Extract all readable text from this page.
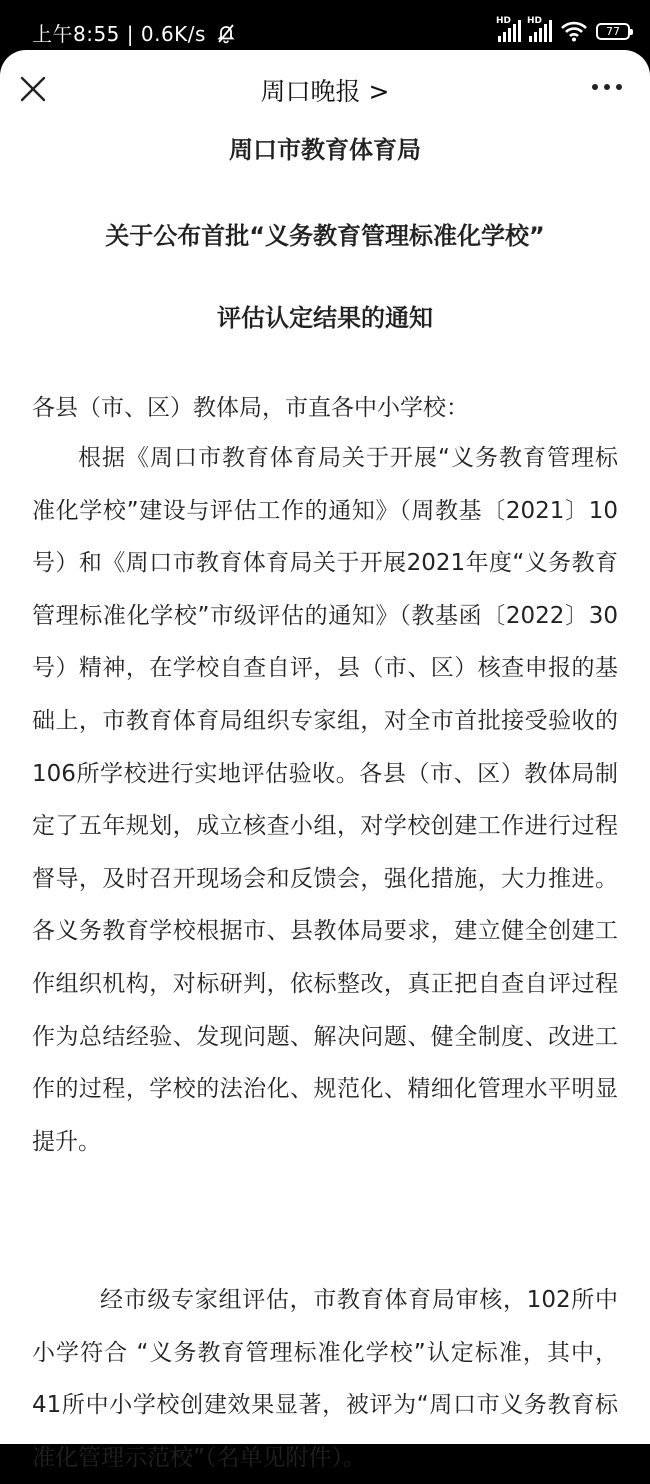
上午8:55 | 0.6K/s
HD HD
77
周口晚报 >
周口市教育体育局
关于公布首批“义务教育管理标准化学校”
评估认定结果的通知
各县（市、区）教体局，市直各中小学校：
根据《周口市教育体育局关于开展“义务教育管理标准化学校”建设与评估工作的通知》（周教基〔2021〕10号）和《周口市教育体育局关于开展2021年度“义务教育管理标准化学校”市级评估的通知》（教基函〔2022〕30号）精神，在学校自查自评，县（市、区）核查申报的基础上，市教育体育局组织专家组，对全市首批接受验收的106所学校进行实地评估验收。各县（市、区）教体局制定了五年规划，成立核查小组，对学校创建工作进行过程督导，及时召开现场会和反馈会，强化措施，大力推进。各义务教育学校根据市、县教体局要求，建立健全创建工作组织机构，对标研判，依标整改，真正把自查自评过程作为总结经验、发现问题、解决问题、健全制度、改进工作的过程，学校的法治化、规范化、精细化管理水平明显提升。
经市级专家组评估，市教育体育局审核，102所中小学符合 “义务教育管理标准化学校”认定标准，其中，41所中小学校创建效果显著，被评为“周口市义务教育标准化管理示范校”（名单见附件）。
